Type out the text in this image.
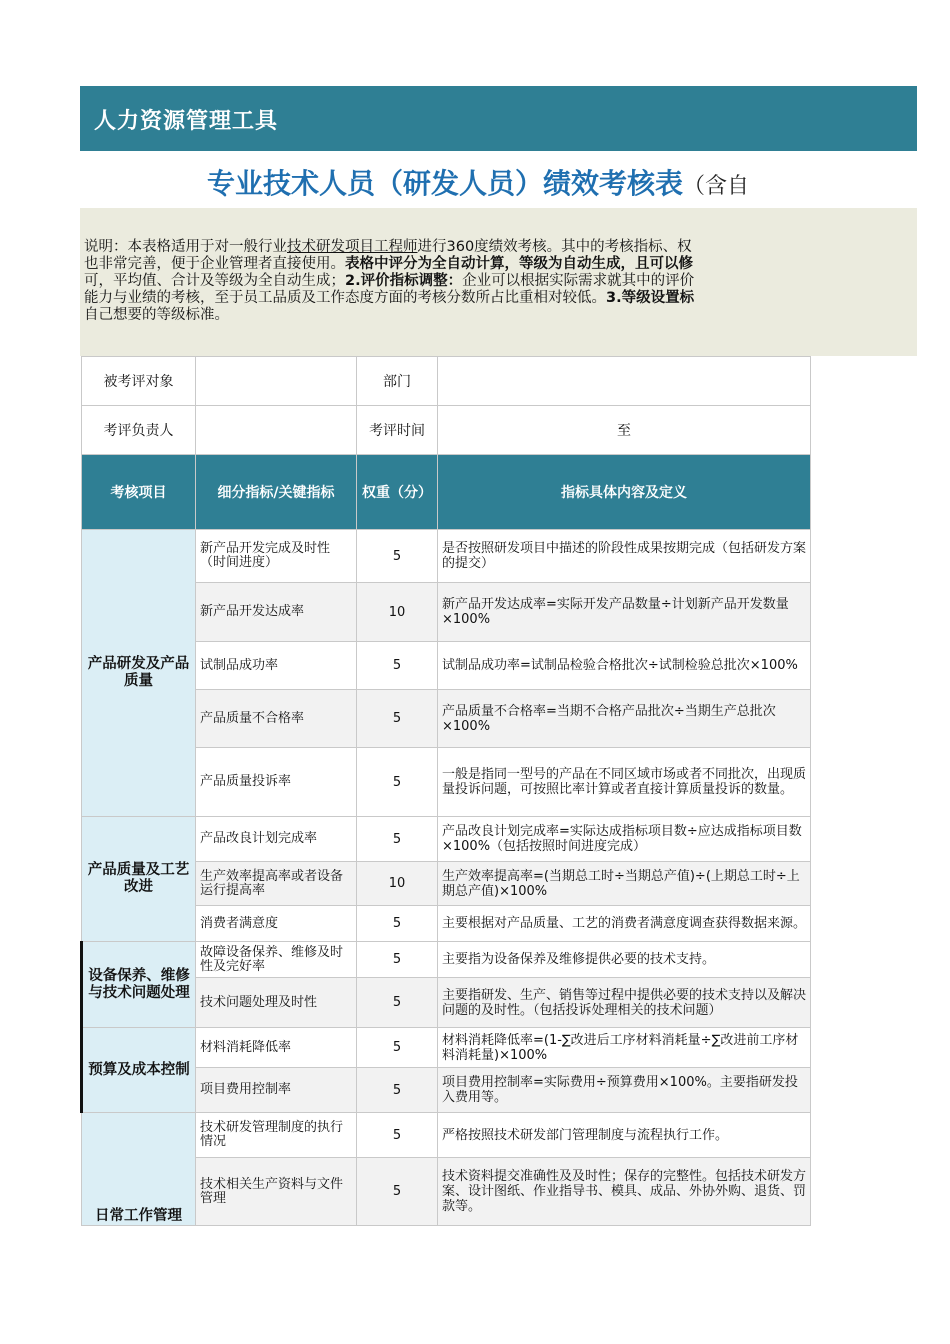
人力资源管理工具
专业技术人员（研发人员）绩效考核表（含自
说明：本表格适用于对一般行业技术研发项目工程师进行360度绩效考核。其中的考核指标、权
也非常完善，便于企业管理者直接使用。表格中评分为全自动计算，等级为自动生成，且可以修
可，平均值、合计及等级为全自动生成；2.评价指标调整：企业可以根据实际需求就其中的评价
能力与业绩的考核，至于员工品质及工作态度方面的考核分数所占比重相对较低。3.等级设置标
自己想要的等级标准。
被考评对象		部门	
考评负责人		考评时间	至
考核项目	细分指标/关键指标	权重（分）	指标具体内容及定义
产品研发及产品质量	新产品开发完成及时性（时间进度）	5	是否按照研发项目中描述的阶段性成果按期完成（包括研发方案的提交）
	新产品开发达成率	10	新产品开发达成率=实际开发产品数量÷计划新产品开发数量×100%
	试制品成功率	5	试制品成功率=试制品检验合格批次÷试制检验总批次×100%
	产品质量不合格率	5	产品质量不合格率=当期不合格产品批次÷当期生产总批次×100%
	产品质量投诉率	5	一般是指同一型号的产品在不同区域市场或者不同批次，出现质量投诉问题，可按照比率计算或者直接计算质量投诉的数量。
产品质量及工艺改进	产品改良计划完成率	5	产品改良计划完成率=实际达成指标项目数÷应达成指标项目数×100%（包括按照时间进度完成）
	生产效率提高率或者设备运行提高率	10	生产效率提高率=(当期总工时÷当期总产值)÷(上期总工时÷上期总产值)×100%
	消费者满意度	5	主要根据对产品质量、工艺的消费者满意度调查获得数据来源。
设备保养、维修与技术问题处理	故障设备保养、维修及时性及完好率	5	主要指为设备保养及维修提供必要的技术支持。
	技术问题处理及时性	5	主要指研发、生产、销售等过程中提供必要的技术支持以及解决问题的及时性。（包括投诉处理相关的技术问题）
预算及成本控制	材料消耗降低率	5	材料消耗降低率=(1-∑改进后工序材料消耗量÷∑改进前工序材料消耗量)×100%
	项目费用控制率	5	项目费用控制率=实际费用÷预算费用×100%。主要指研发投入费用等。
日常工作管理	技术研发管理制度的执行情况	5	严格按照技术研发部门管理制度与流程执行工作。
	技术相关生产资料与文件管理	5	技术资料提交准确性及及时性；保存的完整性。包括技术研发方案、设计图纸、作业指导书、模具、成品、外协外购、退货、罚款等。
